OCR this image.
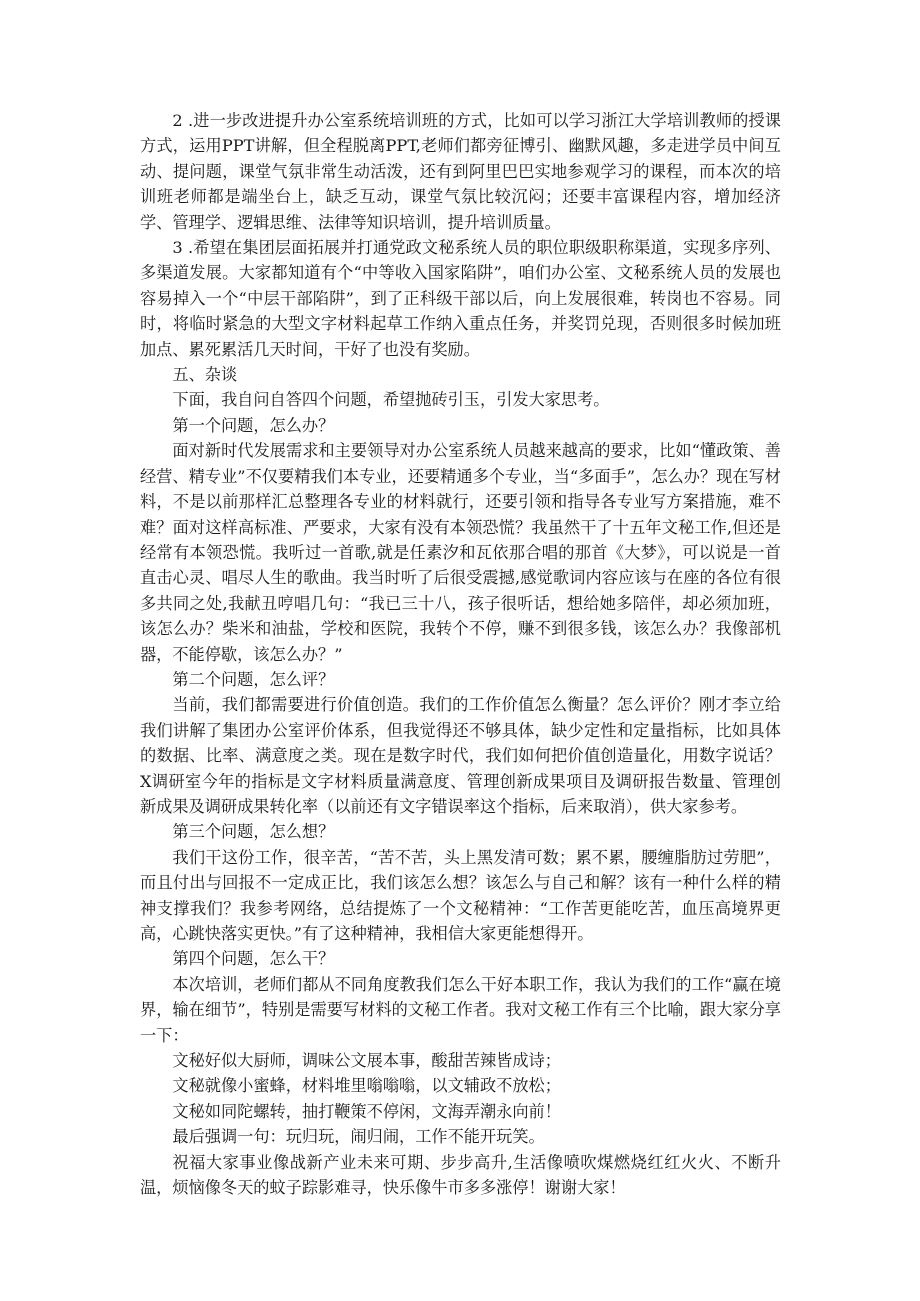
2 .进一步改进提升办公室系统培训班的方式，比如可以学习浙江大学培训教师的授课方式，运用PPT讲解，但全程脱离PPT,老师们都旁征博引、幽默风趣，多走进学员中间互动、提问题，课堂气氛非常生动活泼，还有到阿里巴巴实地参观学习的课程，而本次的培训班老师都是端坐台上，缺乏互动，课堂气氛比较沉闷；还要丰富课程内容，增加经济学、管理学、逻辑思维、法律等知识培训，提升培训质量。

3 .希望在集团层面拓展并打通党政文秘系统人员的职位职级职称渠道，实现多序列、多渠道发展。大家都知道有个“中等收入国家陷阱”，咱们办公室、文秘系统人员的发展也容易掉入一个“中层干部陷阱”，到了正科级干部以后，向上发展很难，转岗也不容易。同时，将临时紧急的大型文字材料起草工作纳入重点任务，并奖罚兑现，否则很多时候加班加点、累死累活几天时间，干好了也没有奖励。

五、杂谈

下面，我自问自答四个问题，希望抛砖引玉，引发大家思考。

第一个问题，怎么办？

面对新时代发展需求和主要领导对办公室系统人员越来越高的要求，比如“懂政策、善经营、精专业”不仅要精我们本专业，还要精通多个专业，当“多面手”，怎么办？现在写材料，不是以前那样汇总整理各专业的材料就行，还要引领和指导各专业写方案措施，难不难？面对这样高标准、严要求，大家有没有本领恐慌？我虽然干了十五年文秘工作,但还是经常有本领恐慌。我听过一首歌,就是任素汐和瓦依那合唱的那首《大梦》，可以说是一首直击心灵、唱尽人生的歌曲。我当时听了后很受震撼,感觉歌词内容应该与在座的各位有很多共同之处,我献丑哼唱几句：“我已三十八，孩子很听话，想给她多陪伴，却必须加班，该怎么办？柴米和油盐，学校和医院，我转个不停，赚不到很多钱，该怎么办？我像部机器，不能停歇，该怎么办？”

第二个问题，怎么评？

当前，我们都需要进行价值创造。我们的工作价值怎么衡量？怎么评价？刚才李立给我们讲解了集团办公室评价体系，但我觉得还不够具体，缺少定性和定量指标，比如具体的数据、比率、满意度之类。现在是数字时代，我们如何把价值创造量化，用数字说话？X调研室今年的指标是文字材料质量满意度、管理创新成果项目及调研报告数量、管理创新成果及调研成果转化率（以前还有文字错误率这个指标，后来取消），供大家参考。

第三个问题，怎么想？

我们干这份工作，很辛苦，“苦不苦，头上黑发清可数；累不累，腰缠脂肪过劳肥”，而且付出与回报不一定成正比，我们该怎么想？该怎么与自己和解？该有一种什么样的精神支撑我们？我参考网络，总结提炼了一个文秘精神：“工作苦更能吃苦，血压高境界更高，心跳快落实更快。”有了这种精神，我相信大家更能想得开。

第四个问题，怎么干？

本次培训，老师们都从不同角度教我们怎么干好本职工作，我认为我们的工作“赢在境界，输在细节”，特别是需要写材料的文秘工作者。我对文秘工作有三个比喻，跟大家分享一下：

文秘好似大厨师，调味公文展本事，酸甜苦辣皆成诗；

文秘就像小蜜蜂，材料堆里嗡嗡嗡，以文辅政不放松；

文秘如同陀螺转，抽打鞭策不停闲，文海弄潮永向前！

最后强调一句：玩归玩，闹归闹，工作不能开玩笑。

祝福大家事业像战新产业未来可期、步步高升,生活像喷吹煤燃烧红红火火、不断升温，烦恼像冬天的蚊子踪影难寻，快乐像牛市多多涨停！谢谢大家！
